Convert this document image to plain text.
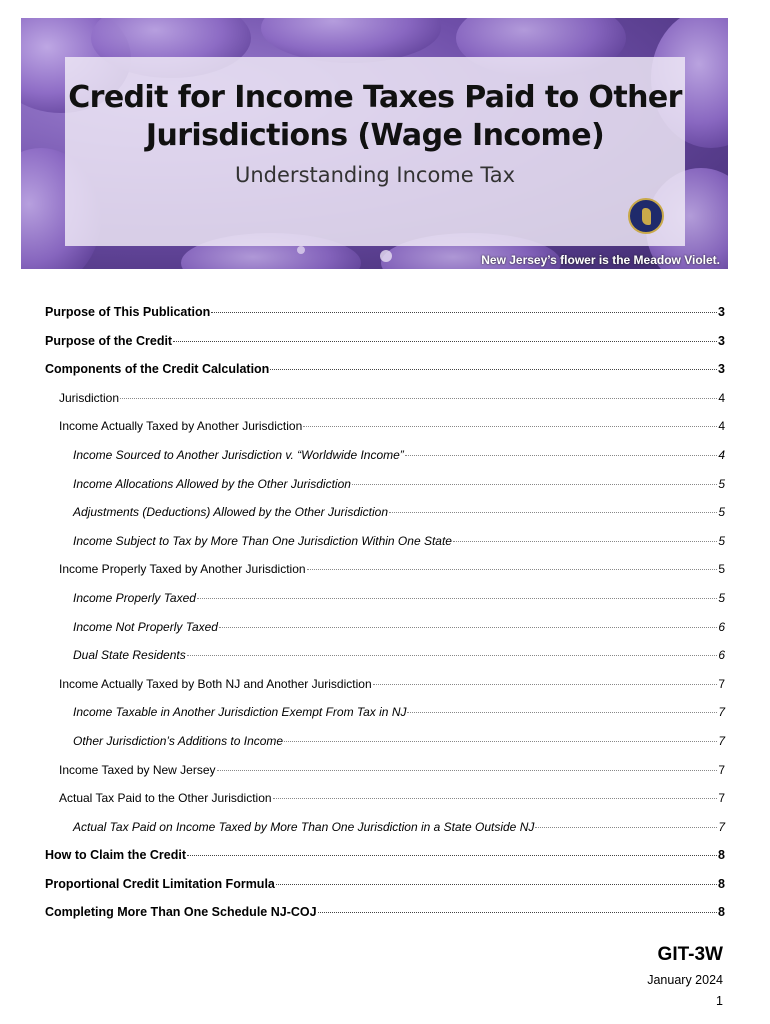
Credit for Income Taxes Paid to Other
Jurisdictions (Wage Income)
Understanding Income Tax
New Jersey’s flower is the Meadow Violet.
Purpose of This Publication	3
Purpose of the Credit	3
Components of the Credit Calculation	3
Jurisdiction	4
Income Actually Taxed by Another Jurisdiction	4
Income Sourced to Another Jurisdiction v. “Worldwide Income”	4
Income Allocations Allowed by the Other Jurisdiction	5
Adjustments (Deductions) Allowed by the Other Jurisdiction	5
Income Subject to Tax by More Than One Jurisdiction Within One State	5
Income Properly Taxed by Another Jurisdiction	5
Income Properly Taxed	5
Income Not Properly Taxed	6
Dual State Residents	6
Income Actually Taxed by Both NJ and Another Jurisdiction	7
Income Taxable in Another Jurisdiction Exempt From Tax in NJ	7
Other Jurisdiction’s Additions to Income	7
Income Taxed by New Jersey	7
Actual Tax Paid to the Other Jurisdiction	7
Actual Tax Paid on Income Taxed by More Than One Jurisdiction in a State Outside NJ	7
How to Claim the Credit	8
Proportional Credit Limitation Formula	8
Completing More Than One Schedule NJ-COJ	8
GIT-3W
January 2024
1
